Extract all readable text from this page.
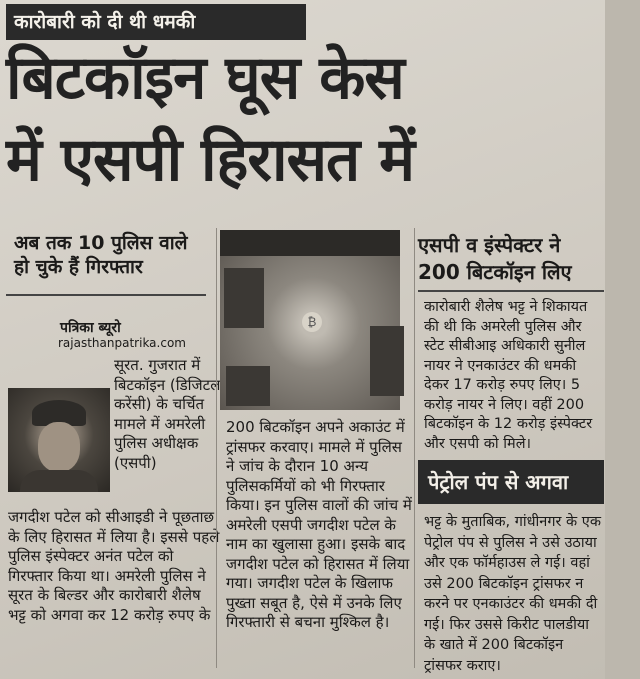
कारोबारी को दी थी धमकी
बिटकॉइन घूस केस
में एसपी हिरासत में
अब तक 10 पुलिस वाले हो चुके हैं गिरफ्तार
पत्रिका ब्यूरो
rajasthanpatrika.com
सूरत. गुजरात में बिटकॉइन (डिजिटल करेंसी) के चर्चित मामले में अमरेली पुलिस अधीक्षक (एसपी)
जगदीश पटेल को सीआइडी ने पूछताछ के लिए हिरासत में लिया है। इससे पहले पुलिस इंस्पेक्टर अनंत पटेल को गिरफ्तार किया था। अमरेली पुलिस ने सूरत के बिल्डर और कारोबारी शैलेष भट्ट को अगवा कर 12 करोड़ रुपए के
₿
200 बिटकॉइन अपने अकाउंट में ट्रांसफर करवाए। मामले में पुलिस ने जांच के दौरान 10 अन्य पुलिसकर्मियों को भी गिरफ्तार किया। इन पुलिस वालों की जांच में अमरेली एसपी जगदीश पटेल के नाम का खुलासा हुआ। इसके बाद जगदीश पटेल को हिरासत में लिया गया। जगदीश पटेल के खिलाफ पुख्ता सबूत है, ऐसे में उनके लिए गिरफ्तारी से बचना मुश्किल है।
एसपी व इंस्पेक्टर ने 200 बिटकॉइन लिए
कारोबारी शैलेष भट्ट ने शिकायत की थी कि अमरेली पुलिस और स्टेट सीबीआइ अधिकारी सुनील नायर ने एनकाउंटर की धमकी देकर 17 करोड़ रुपए लिए। 5 करोड़ नायर ने लिए। वहीं 200 बिटकॉइन के 12 करोड़ इंस्पेक्टर और एसपी को मिले।
पेट्रोल पंप से अगवा
भट्ट के मुताबिक, गांधीनगर के एक पेट्रोल पंप से पुलिस ने उसे उठाया और एक फॉर्महाउस ले गई। वहां उसे 200 बिटकॉइन ट्रांसफर न करने पर एनकाउंटर की धमकी दी गई। फिर उससे किरीट पालडीया के खाते में 200 बिटकॉइन ट्रांसफर कराए।
